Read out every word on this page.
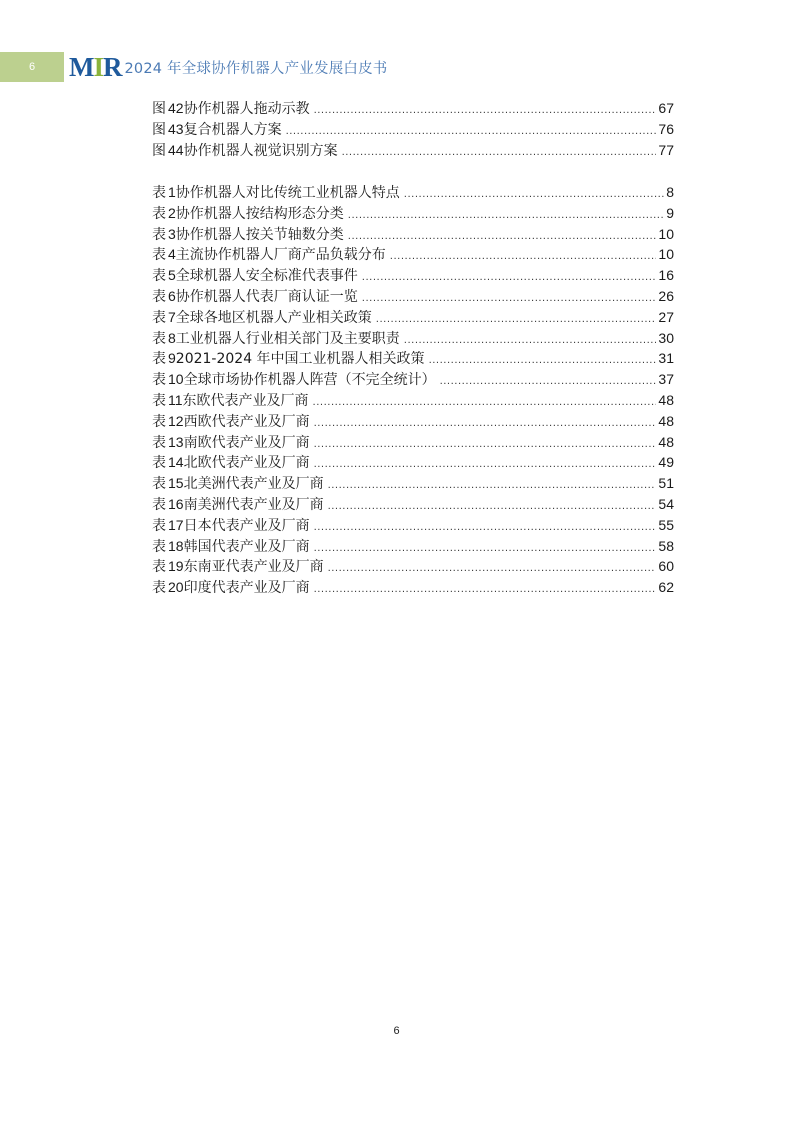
6 MIR 2024 年全球协作机器人产业发展白皮书
图 42 协作机器人拖动示教 .....	67
图 43 复合机器人方案 .....	76
图 44 协作机器人视觉识别方案 .....	77
表 1 协作机器人对比传统工业机器人特点 .....	8
表 2 协作机器人按结构形态分类 .....	9
表 3 协作机器人按关节轴数分类 .....	10
表 4 主流协作机器人厂商产品负载分布 .....	10
表 5 全球机器人安全标准代表事件 .....	16
表 6 协作机器人代表厂商认证一览 .....	26
表 7 全球各地区机器人产业相关政策 .....	27
表 8 工业机器人行业相关部门及主要职责 .....	30
表 9 2021-2024 年中国工业机器人相关政策 .....	31
表 10 全球市场协作机器人阵营（不完全统计） .....	37
表 11 东欧代表产业及厂商 .....	48
表 12 西欧代表产业及厂商 .....	48
表 13 南欧代表产业及厂商 .....	48
表 14 北欧代表产业及厂商 .....	49
表 15 北美洲代表产业及厂商 .....	51
表 16 南美洲代表产业及厂商 .....	54
表 17 日本代表产业及厂商 .....	55
表 18 韩国代表产业及厂商 .....	58
表 19 东南亚代表产业及厂商 .....	60
表 20 印度代表产业及厂商 .....	62
6
